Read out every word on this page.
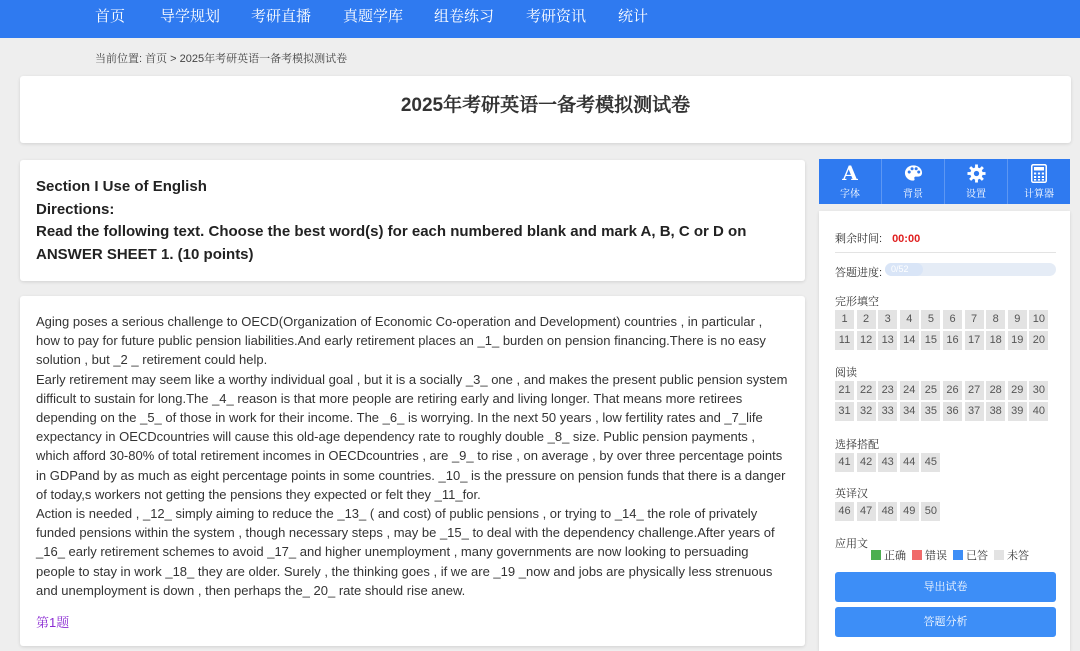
首页 导学规划 考研直播 真题学库 组卷练习 考研资讯 统计
当前位置: 首页 > 2025年考研英语一备考模拟测试卷
2025年考研英语一备考模拟测试卷

Section I Use of English

Directions:

Read the following text. Choose the best word(s) for each numbered blank and mark A, B, C or D on ANSWER SHEET 1. (10 points)

Aging poses a serious challenge to OECD(Organization of Economic Co-operation and Development) countries , in particular , how to pay for future public pension liabilities.And early retirement places an _1_ burden on pension financing.There is no easy solution , but _2 _ retirement could help.

Early retirement may seem like a worthy individual goal , but it is a socially _3_ one , and makes the present public pension system difficult to sustain for long.The _4_ reason is that more people are retiring early and living longer. That means more retirees depending on the _5_ of those in work for their income. The _6_ is worrying. In the next 50 years , low fertility rates and _7_life expectancy in OECDcountries will cause this old-age dependency rate to roughly double _8_ size. Public pension payments , which afford 30-80% of total retirement incomes in OECDcountries , are _9_ to rise , on average , by over three percentage points in GDPand by as much as eight percentage points in some countries. _10_ is the pressure on pension funds that there is a danger of today,s workers not getting the pensions they expected or felt they _11_for.

Action is needed , _12_ simply aiming to reduce the _13_ ( and cost) of public pensions , or trying to _14_ the role of privately funded pensions within the system , though necessary steps , may be _15_ to deal with the dependency challenge.After years of _16_ early retirement schemes to avoid _17_ and higher unemployment , many governments are now looking to persuading people to stay in work _18_ they are older. Surely , the thinking goes , if we are _19 _now and jobs are physically less strenuous and unemployment is down , then perhaps the_ 20_ rate should rise anew.

第1题
A
字体	背景	设置	计算器
剩余时间: 00:00
答题进度: 0/52
完形填空
1	2	3	4	5	6	7	8	9	10
11 12 13 14 15 16 17 18 19 20
阅读
21 22 23 24 25 26 27 28 29 30
31 32 33 34 35 36 37 38 39 40
选择搭配
41 42 43 44 45
英译汉
46 47 48 49 50
应用文
正确 错误 已答 未答
导出试卷
答题分析
